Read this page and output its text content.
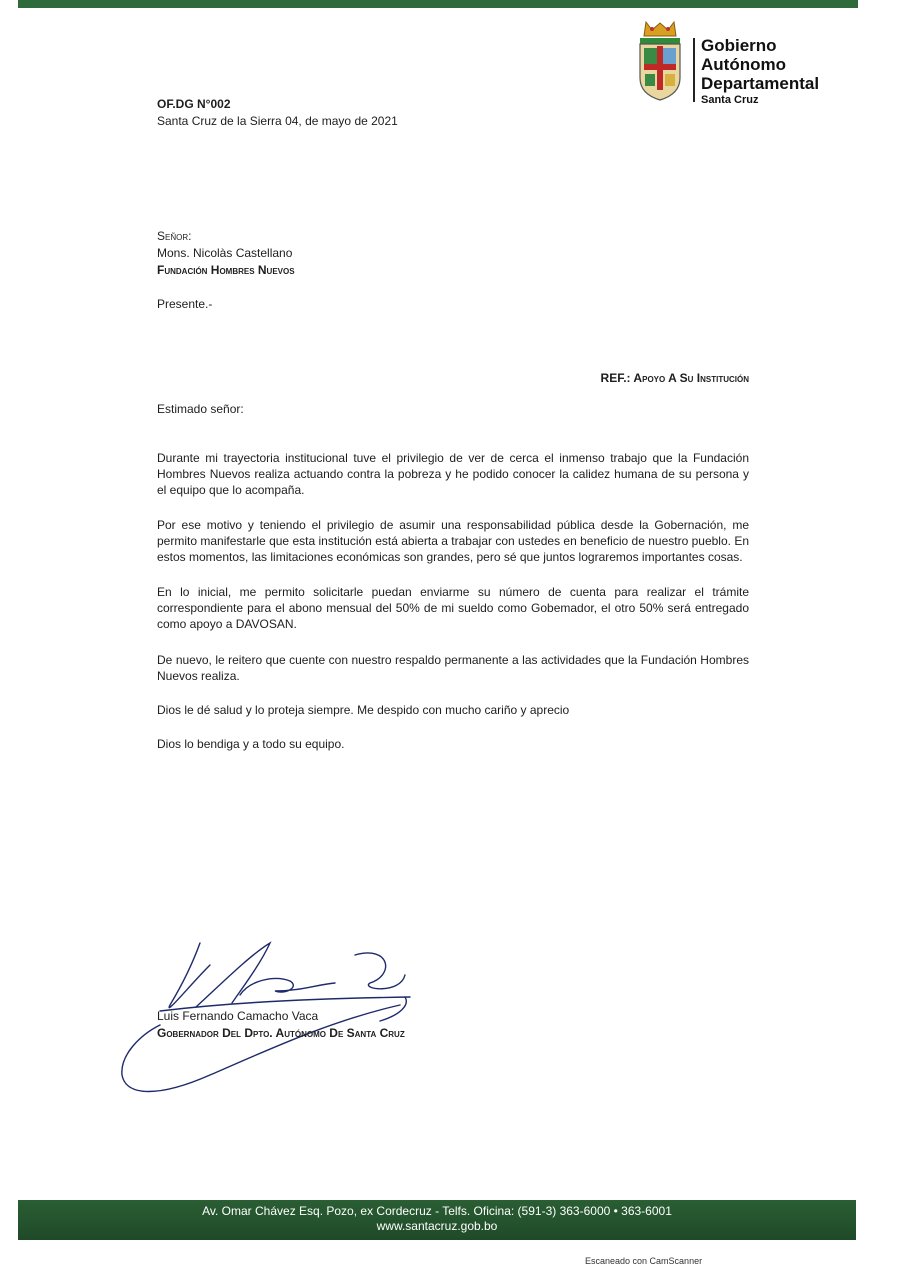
Gobierno
Autónomo
Departamental
Santa Cruz
OF.DG N°002
Santa Cruz de la Sierra 04, de mayo de 2021
Señor:
Mons. Nicolàs Castellano
Fundación Hombres Nuevos
Presente.-
REF.: Apoyo A Su Institución
Estimado señor:
Durante mi trayectoria institucional tuve el privilegio de ver de cerca el inmenso trabajo que la Fundación Hombres Nuevos realiza actuando contra la pobreza y he podido conocer la calidez humana de su persona y el equipo que lo acompaña.
Por ese motivo y teniendo el privilegio de asumir una responsabilidad pública desde la Gobernación, me permito manifestarle que esta institución está abierta a trabajar con ustedes en beneficio de nuestro pueblo. En estos momentos, las limitaciones económicas son grandes, pero sé que juntos lograremos importantes cosas.
En lo inicial, me permito solicitarle puedan enviarme su número de cuenta para realizar el trámite correspondiente para el abono mensual del 50% de mi sueldo como Gobemador, el otro 50% será entregado como apoyo a DAVOSAN.
De nuevo, le reitero que cuente con nuestro respaldo permanente a las actividades que la Fundación Hombres Nuevos realiza.
Dios le dé salud y lo proteja siempre. Me despido con mucho cariño y aprecio
Dios lo bendiga y a todo su equipo.
Luis Fernando Camacho Vaca
Gobernador Del Dpto. Autónomo De Santa Cruz
Av. Omar Chávez Esq. Pozo, ex Cordecruz - Telfs. Oficina: (591-3) 363-6000 • 363-6001
www.santacruz.gob.bo
Escaneado con CamScanner
